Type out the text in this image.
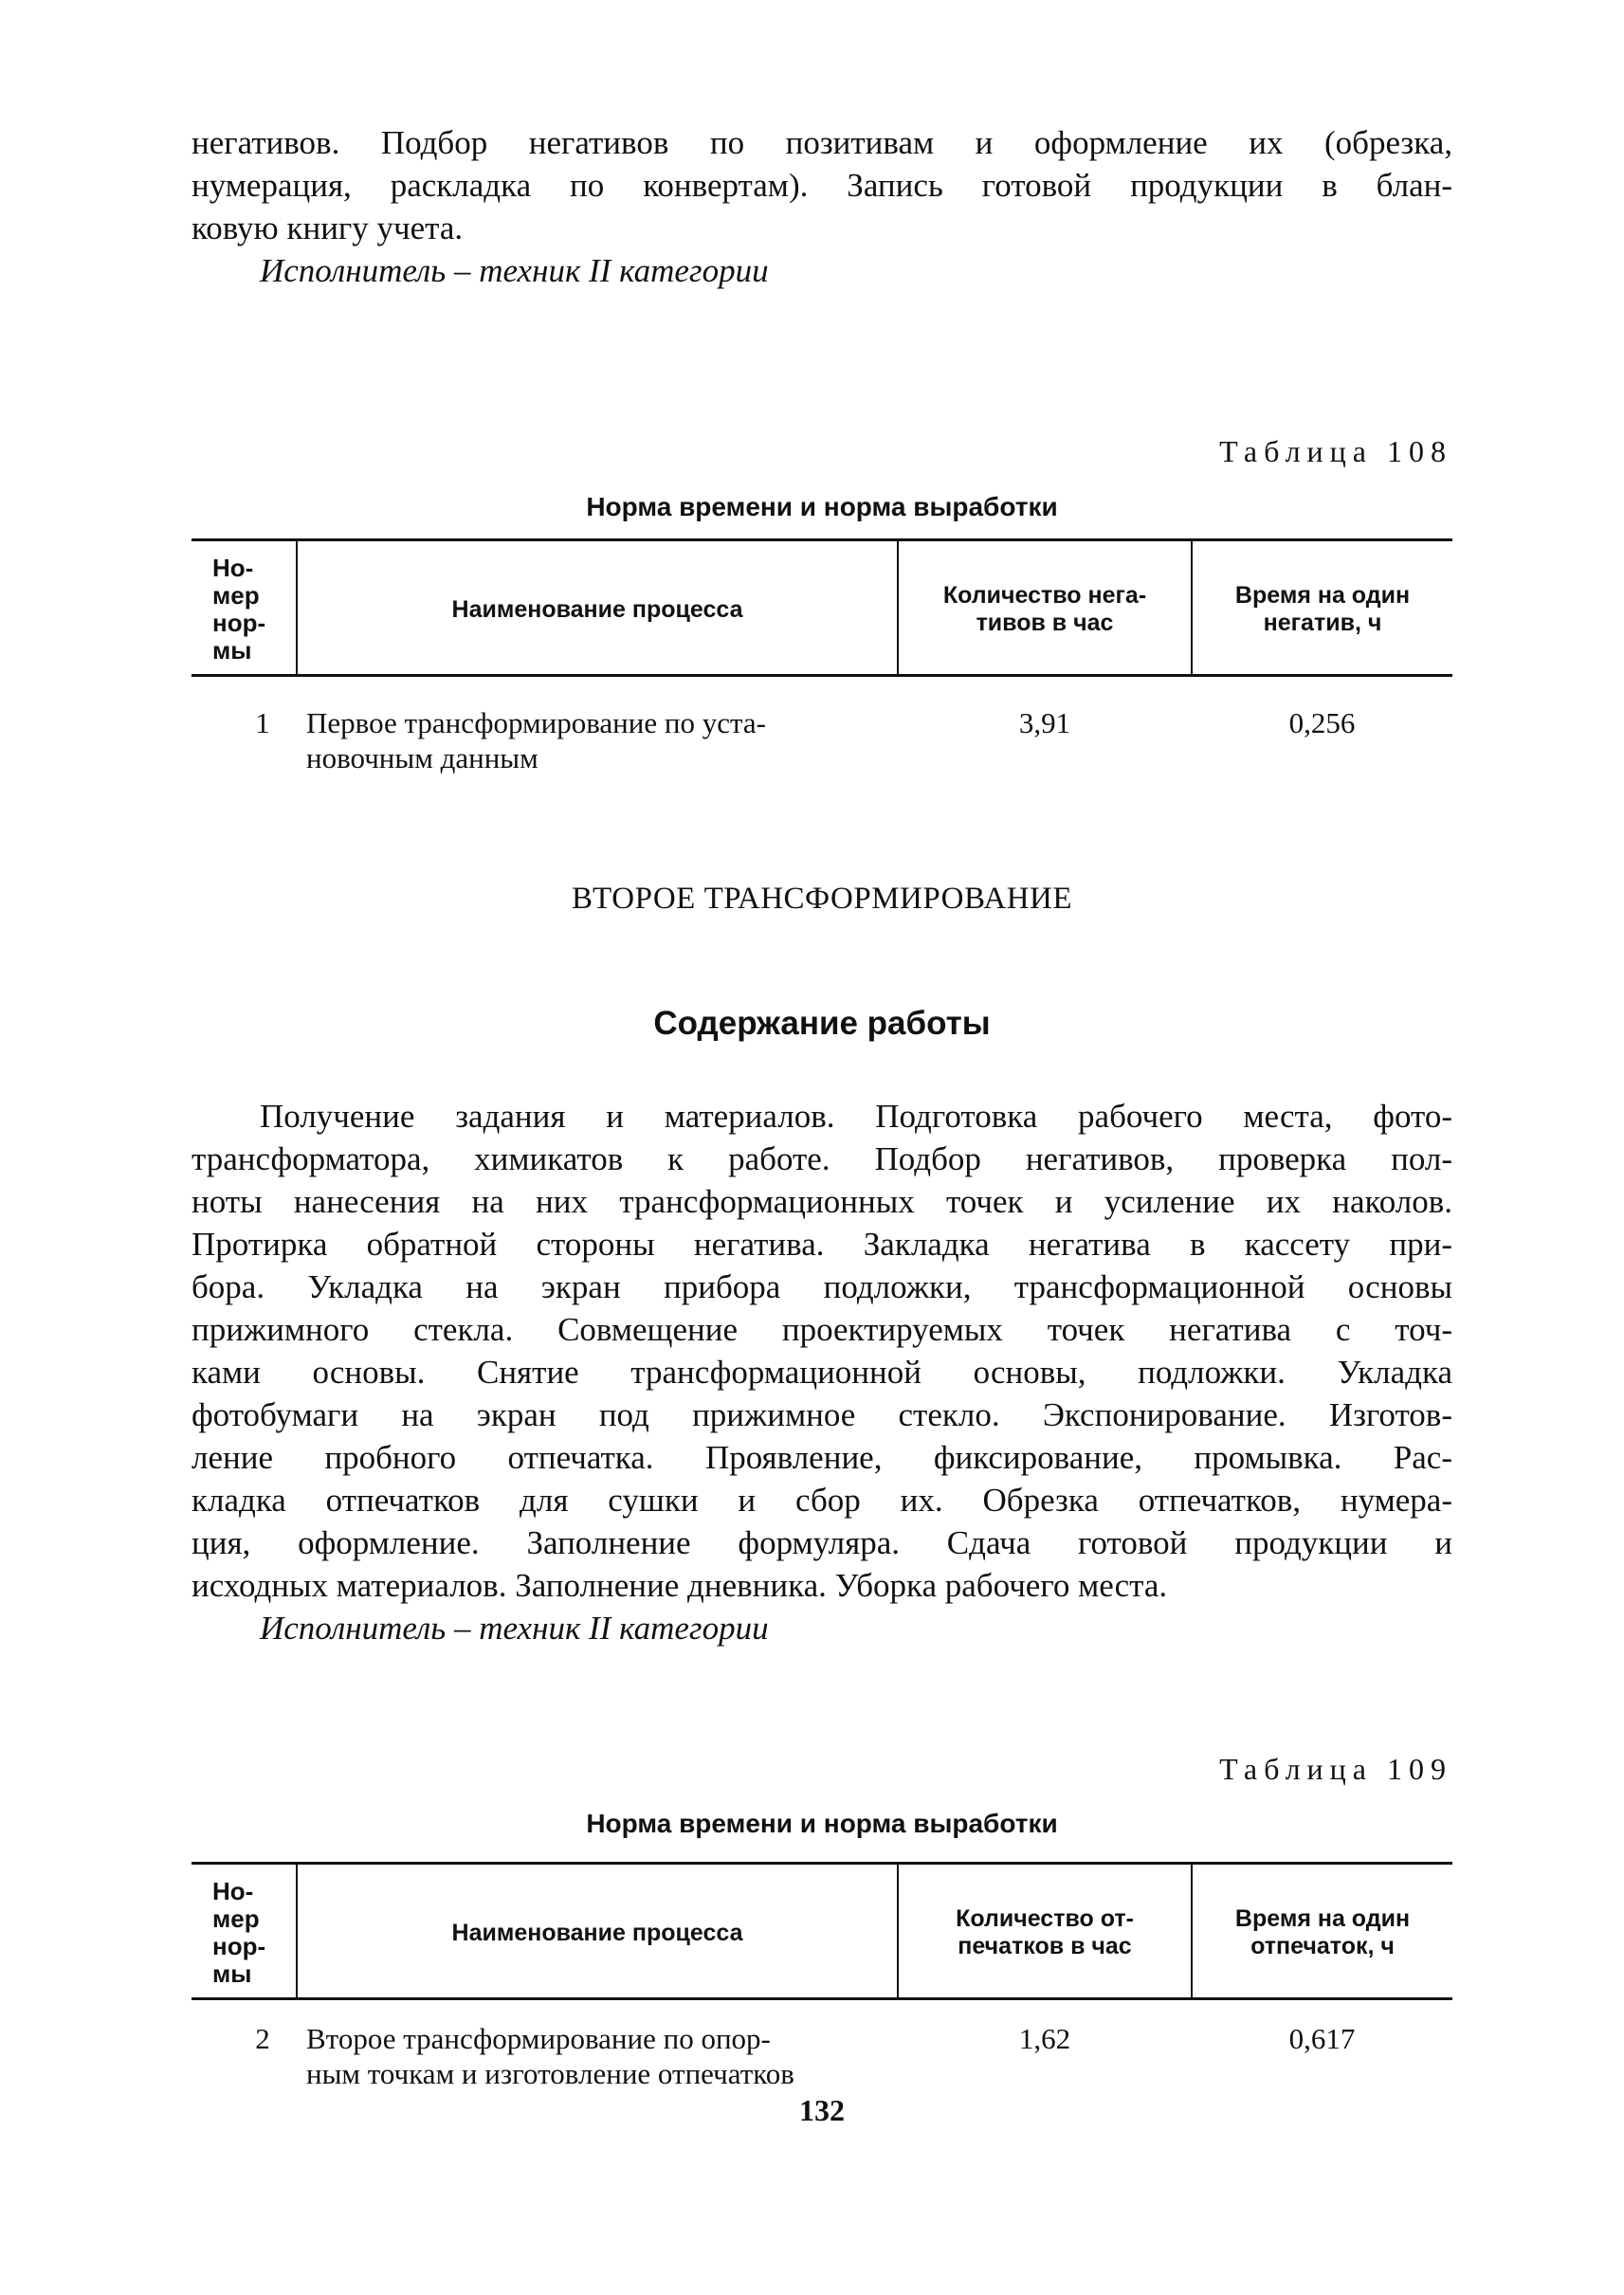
негативов. Подбор негативов по позитивам и оформление их (обрезка,
нумерация, раскладка по конвертам). Запись готовой продукции в блан-
ковую книгу учета.

Исполнитель – техник II категории

Таблица 108
Норма времени и норма выработки
Но-
мер
нор-
мы	Наименование процесса	Количество нега-
тивов в час	Время на один
негатив, ч
1	Первое трансформирование по уста-
новочным данным	3,91	0,256
ВТОРОЕ ТРАНСФОРМИРОВАНИЕ
Содержание работы

Получение задания и материалов. Подготовка рабочего места, фото-
трансформатора, химикатов к работе. Подбор негативов, проверка пол-
ноты нанесения на них трансформационных точек и усиление их наколов.
Протирка обратной стороны негатива. Закладка негатива в кассету при-
бора. Укладка на экран прибора подложки, трансформационной основы
прижимного стекла. Совмещение проектируемых точек негатива с точ-
ками основы. Снятие трансформационной основы, подложки. Укладка
фотобумаги на экран под прижимное стекло. Экспонирование. Изготов-
ление пробного отпечатка. Проявление, фиксирование, промывка. Рас-
кладка отпечатков для сушки и сбор их. Обрезка отпечатков, нумера-
ция, оформление. Заполнение формуляра. Сдача готовой продукции и
исходных материалов. Заполнение дневника. Уборка рабочего места.

Исполнитель – техник II категории

Таблица 109
Норма времени и норма выработки
Но-
мер
нор-
мы	Наименование процесса	Количество от-
печатков в час	Время на один
отпечаток, ч
2	Второе трансформирование по опор-
ным точкам и изготовление отпечатков	1,62	0,617
132
